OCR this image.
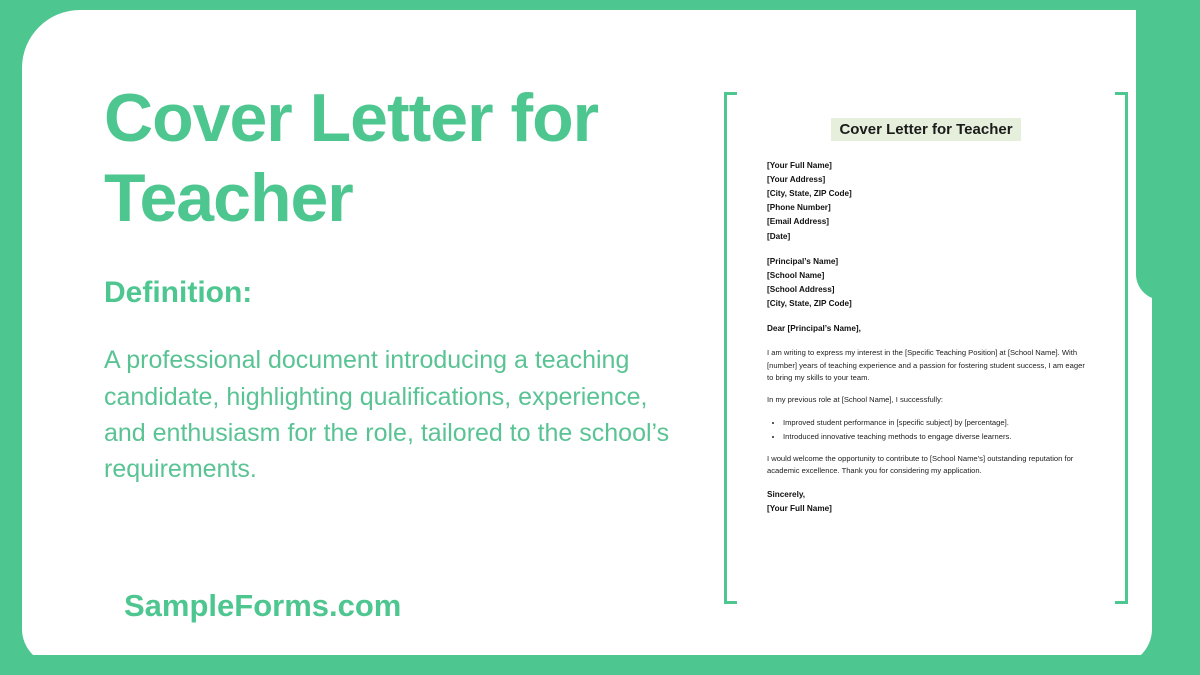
Cover Letter for Teacher
Definition:

A professional document introducing a teaching candidate, highlighting qualifications, experience, and enthusiasm for the role, tailored to the school’s requirements.

SampleForms.com
Cover Letter for Teacher
[Your Full Name]
[Your Address]
[City, State, ZIP Code]
[Phone Number]
[Email Address]
[Date]
[Principal’s Name]
[School Name]
[School Address]
[City, State, ZIP Code]
Dear [Principal’s Name],

I am writing to express my interest in the [Specific Teaching Position] at [School Name]. With [number] years of teaching experience and a passion for fostering student success, I am eager to bring my skills to your team.

In my previous role at [School Name], I successfully:

• Improved student performance in [specific subject] by [percentage].
• Introduced innovative teaching methods to engage diverse learners.

I would welcome the opportunity to contribute to [School Name’s] outstanding reputation for academic excellence. Thank you for considering my application.

Sincerely,
[Your Full Name]
